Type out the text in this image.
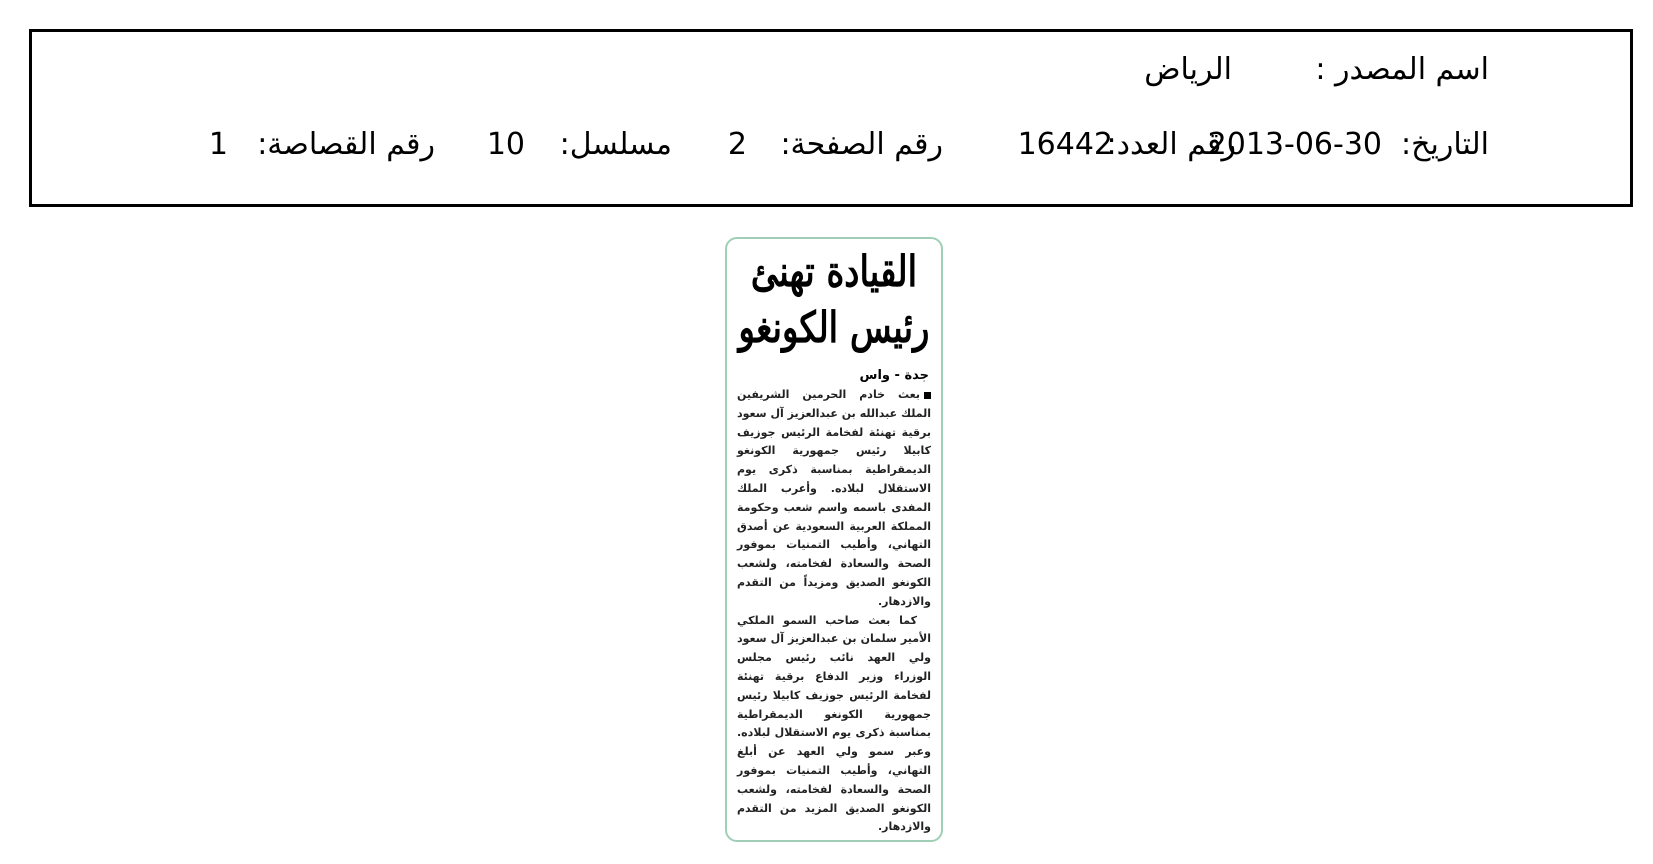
اسم المصدر :
الرياض
التاريخ:
2013-06-30
رقم العدد:
16442
رقم الصفحة:
2
مسلسل:
10
رقم القصاصة:
1
القيادة تهنئ
رئيس الكونغو
جدة - واس

بعث خادم الحرمين الشريفين الملك عبدالله بن عبدالعزيز آل سعود برقية تهنئة لفخامة الرئيس جوزيف كابيلا رئيس جمهورية الكونغو الديمقراطية بمناسبة ذكرى يوم الاستقلال لبلاده. وأعرب الملك المفدى باسمه واسم شعب وحكومة المملكة العربية السعودية عن أصدق التهاني، وأطيب التمنيات بموفور الصحة والسعادة لفخامته، ولشعب الكونغو الصديق ومزيداً من التقدم والازدهار.

كما بعث صاحب السمو الملكي الأمير سلمان بن عبدالعزيز آل سعود ولي العهد نائب رئيس مجلس الوزراء وزير الدفاع برقية تهنئة لفخامة الرئيس جوزيف كابيلا رئيس جمهورية الكونغو الديمقراطية بمناسبة ذكرى يوم الاستقلال لبلاده. وعبر سمو ولي العهد عن أبلغ التهاني، وأطيب التمنيات بموفور الصحة والسعادة لفخامته، ولشعب الكونغو الصديق المزيد من التقدم والازدهار.
